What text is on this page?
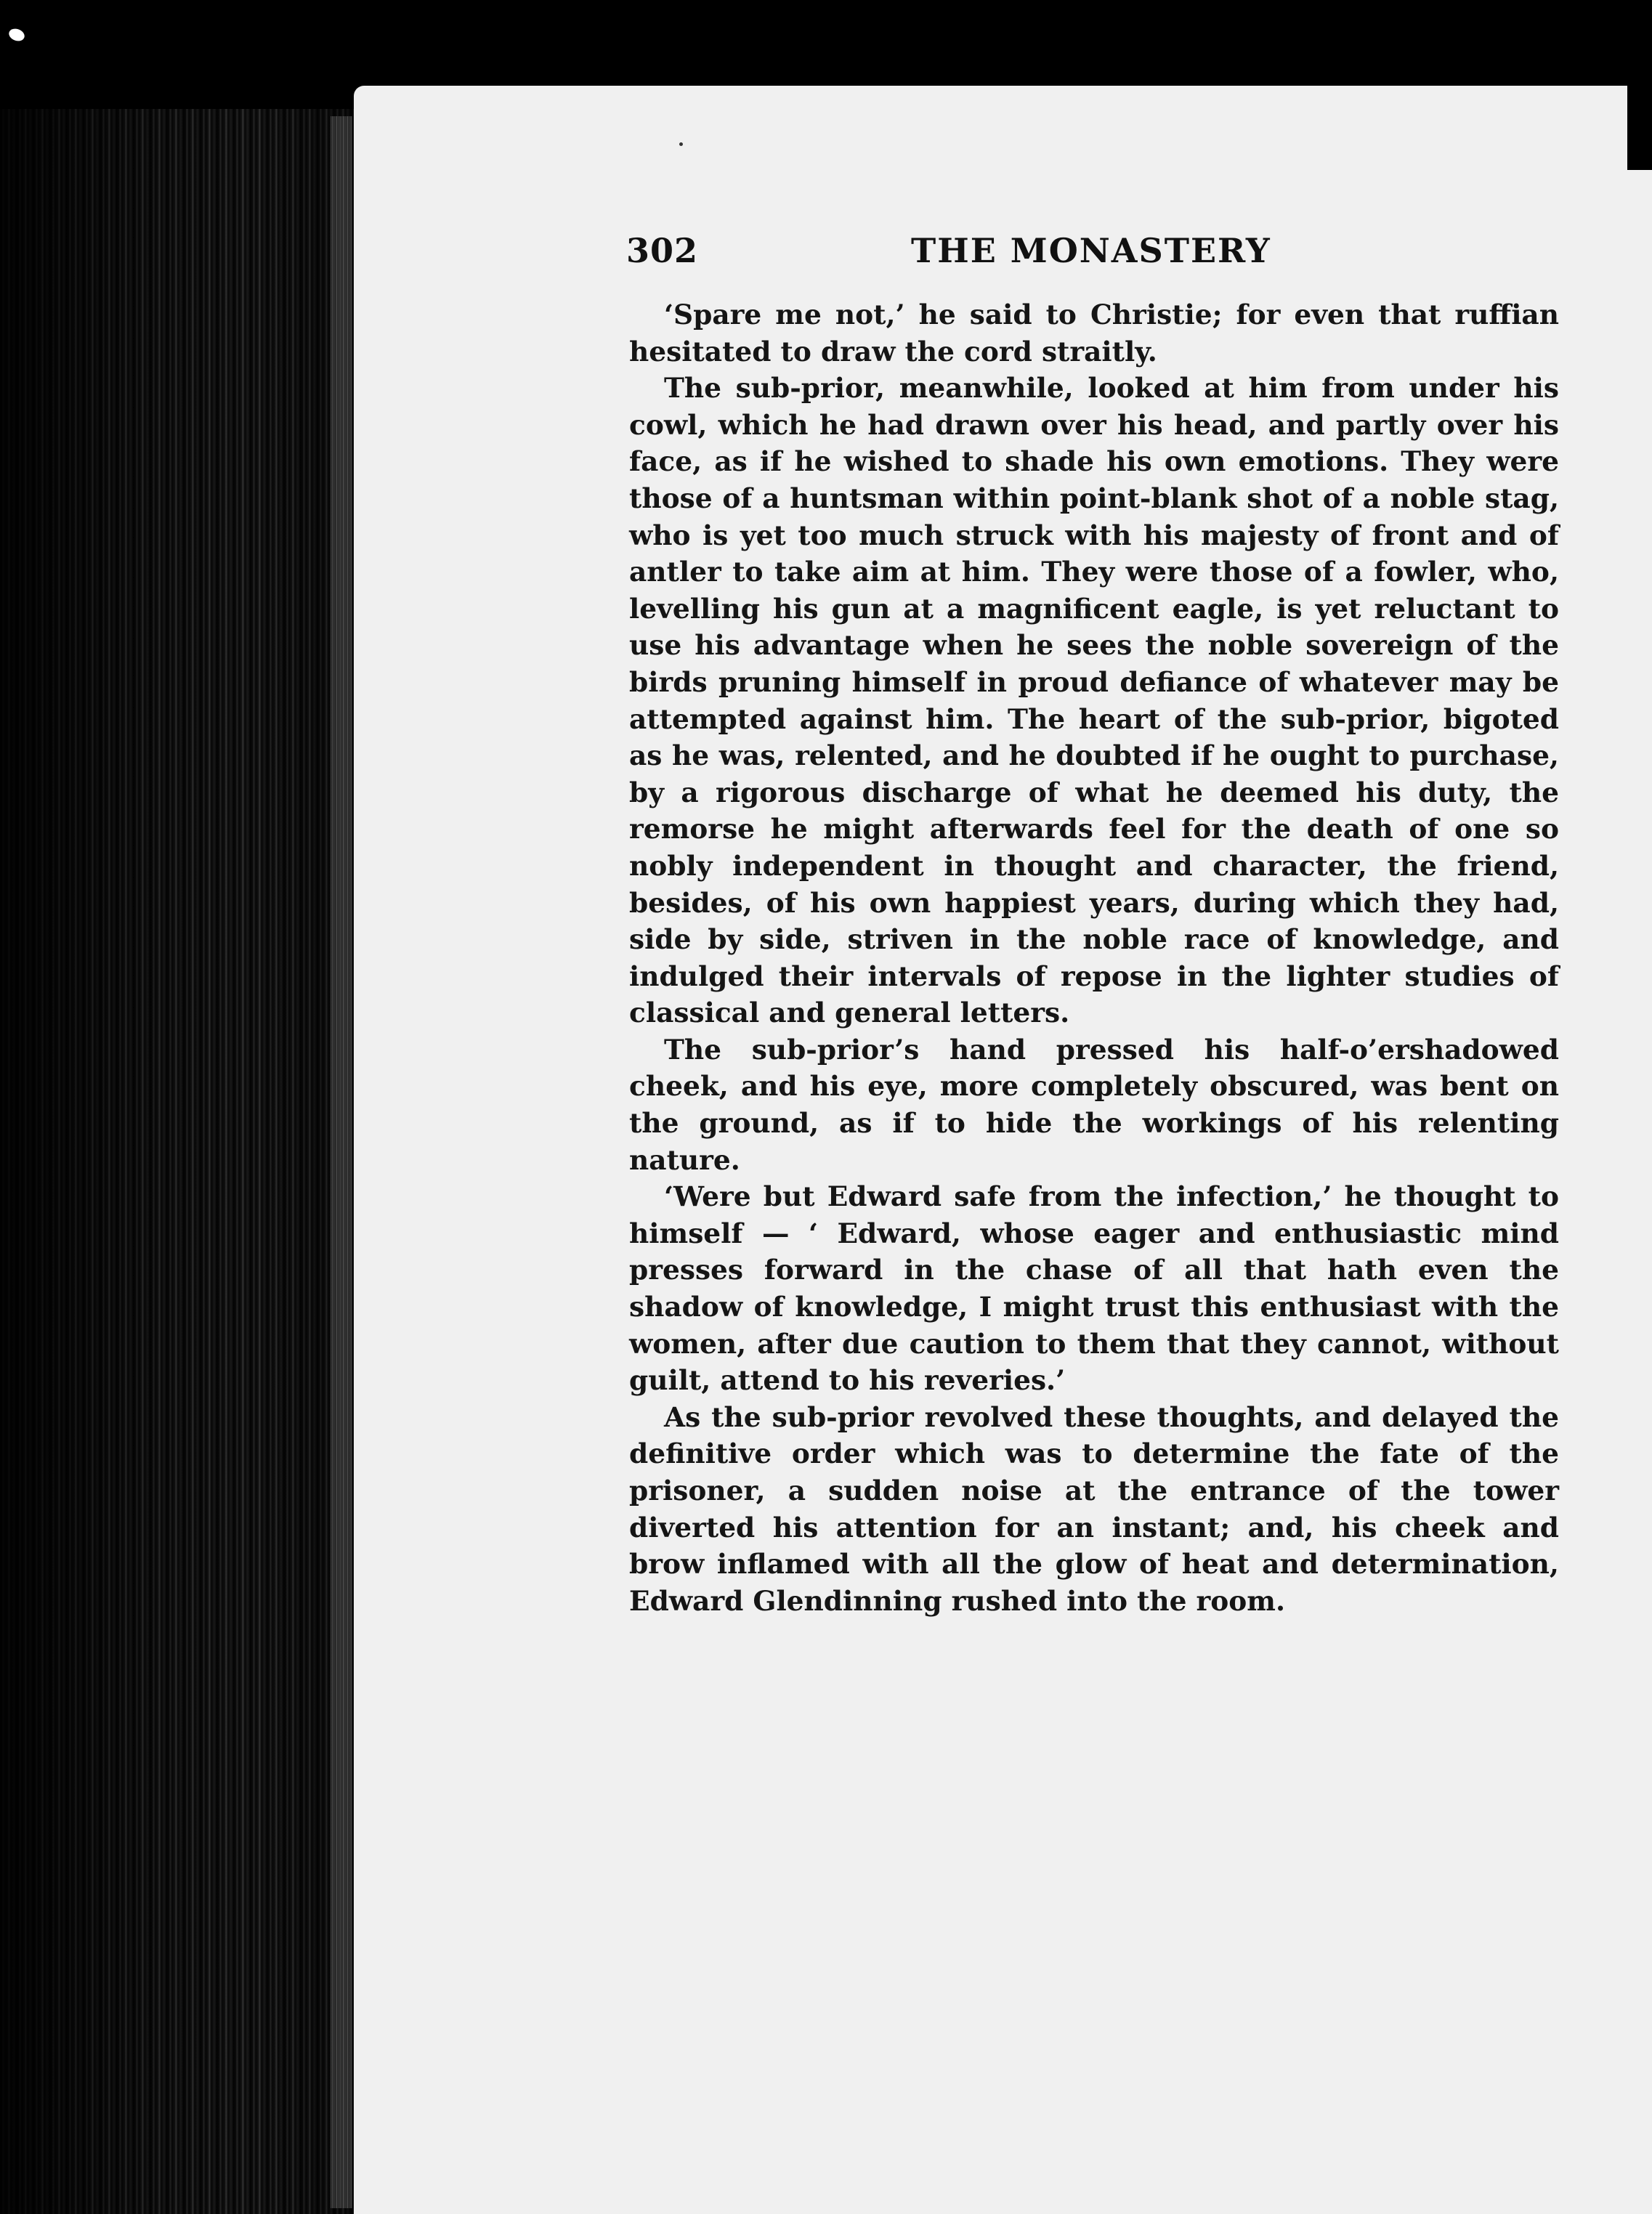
302	THE MONASTERY

‘Spare me not,’ he said to Christie; for even that ruffian hesitated to draw the cord straitly.

The sub-prior, meanwhile, looked at him from under his cowl, which he had drawn over his head, and partly over his face, as if he wished to shade his own emotions. They were those of a huntsman within point-blank shot of a noble stag, who is yet too much struck with his majesty of front and of antler to take aim at him. They were those of a fowler, who, levelling his gun at a magnificent eagle, is yet reluctant to use his advantage when he sees the noble sovereign of the birds pruning himself in proud defiance of whatever may be attempted against him. The heart of the sub-prior, bigoted as he was, relented, and he doubted if he ought to purchase, by a rigorous discharge of what he deemed his duty, the remorse he might afterwards feel for the death of one so nobly independent in thought and character, the friend, besides, of his own happiest years, during which they had, side by side, striven in the noble race of knowledge, and indulged their intervals of repose in the lighter studies of classical and general letters.

The sub-prior’s hand pressed his half-o’ershadowed cheek, and his eye, more completely obscured, was bent on the ground, as if to hide the workings of his relenting nature.

‘Were but Edward safe from the infection,’ he thought to himself — ‘ Edward, whose eager and enthusiastic mind presses forward in the chase of all that hath even the shadow of knowledge, I might trust this enthusiast with the women, after due caution to them that they cannot, without guilt, attend to his reveries.’

As the sub-prior revolved these thoughts, and delayed the definitive order which was to determine the fate of the prisoner, a sudden noise at the entrance of the tower diverted his attention for an instant; and, his cheek and brow inflamed with all the glow of heat and determination, Edward Glendinning rushed into the room.
